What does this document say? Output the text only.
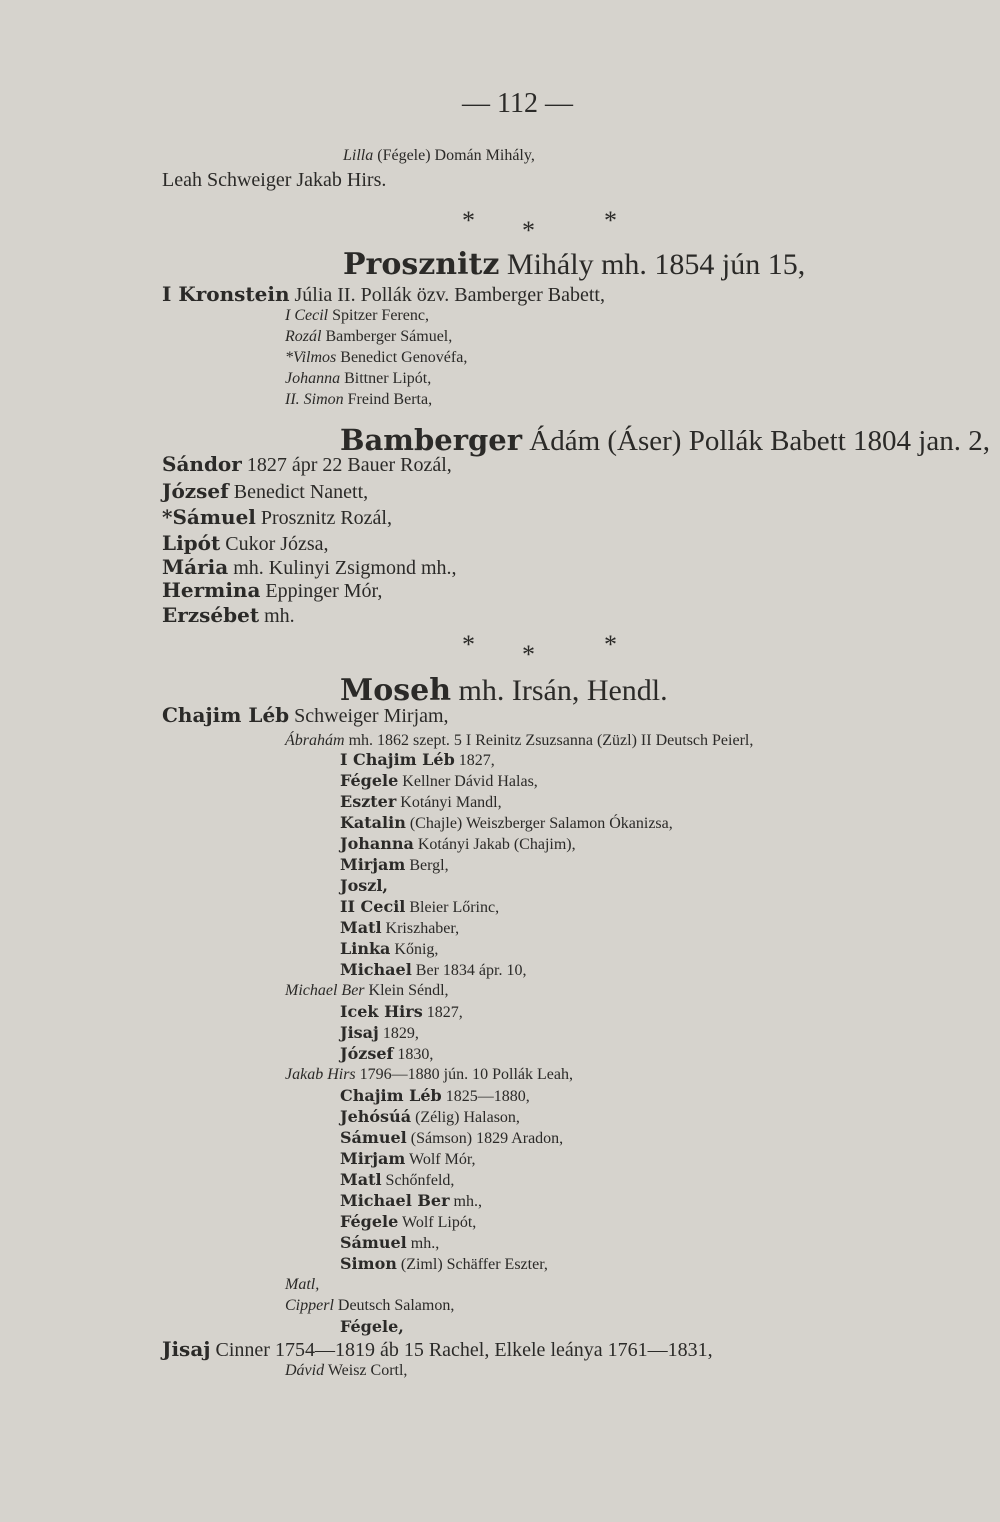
— 112 —
Lilla (Fégele) Domán Mihály,
Leah Schweiger Jakab Hirs.
Prosznitz Mihály mh. 1854 jún 15,
I Kronstein Júlia II. Pollák özv. Bamberger Babett,
I Cecil Spitzer Ferenc,
Rozál Bamberger Sámuel,
*Vilmos Benedict Genovéfa,
Johanna Bittner Lipót,
II. Simon Freind Berta,
Bamberger Ádám (Áser) Pollák Babett 1804 jan. 2,
Sándor 1827 ápr 22 Bauer Rozál,
József Benedict Nanett,
*Sámuel Prosznitz Rozál,
Lipót Cukor Józsa,
Mária mh. Kulinyi Zsigmond mh.,
Hermina Eppinger Mór,
Erzsébet mh.
Moseh mh. Irsán, Hendl.
Chajim Léb Schweiger Mirjam,
Ábrahám mh. 1862 szept. 5 I Reinitz Zsuzsanna (Züzl) II Deutsch Peierl,
I Chajim Léb 1827,
Fégele Kellner Dávid Halas,
Eszter Kotányi Mandl,
Katalin (Chajle) Weiszberger Salamon Ókanizsa,
Johanna Kotányi Jakab (Chajim),
Mirjam Bergl,
Joszl,
II Cecil Bleier Lőrinc,
Matl Kriszhaber,
Linka Kőnig,
Michael Ber 1834 ápr. 10,
Michael Ber Klein Séndl,
Icek Hirs 1827,
Jisaj 1829,
József 1830,
Jakab Hirs 1796—1880 jún. 10 Pollák Leah,
Chajim Léb 1825—1880,
Jehósúá (Zélig) Halason,
Sámuel (Sámson) 1829 Aradon,
Mirjam Wolf Mór,
Matl Schőnfeld,
Michael Ber mh.,
Fégele Wolf Lipót,
Sámuel mh.,
Simon (Ziml) Schäffer Eszter,
Matl,
Cipperl Deutsch Salamon,
Fégele,
Jisaj Cinner 1754—1819 áb 15 Rachel, Elkele leánya 1761—1831,
Dávid Weisz Cortl,
* *	*
* *	*
